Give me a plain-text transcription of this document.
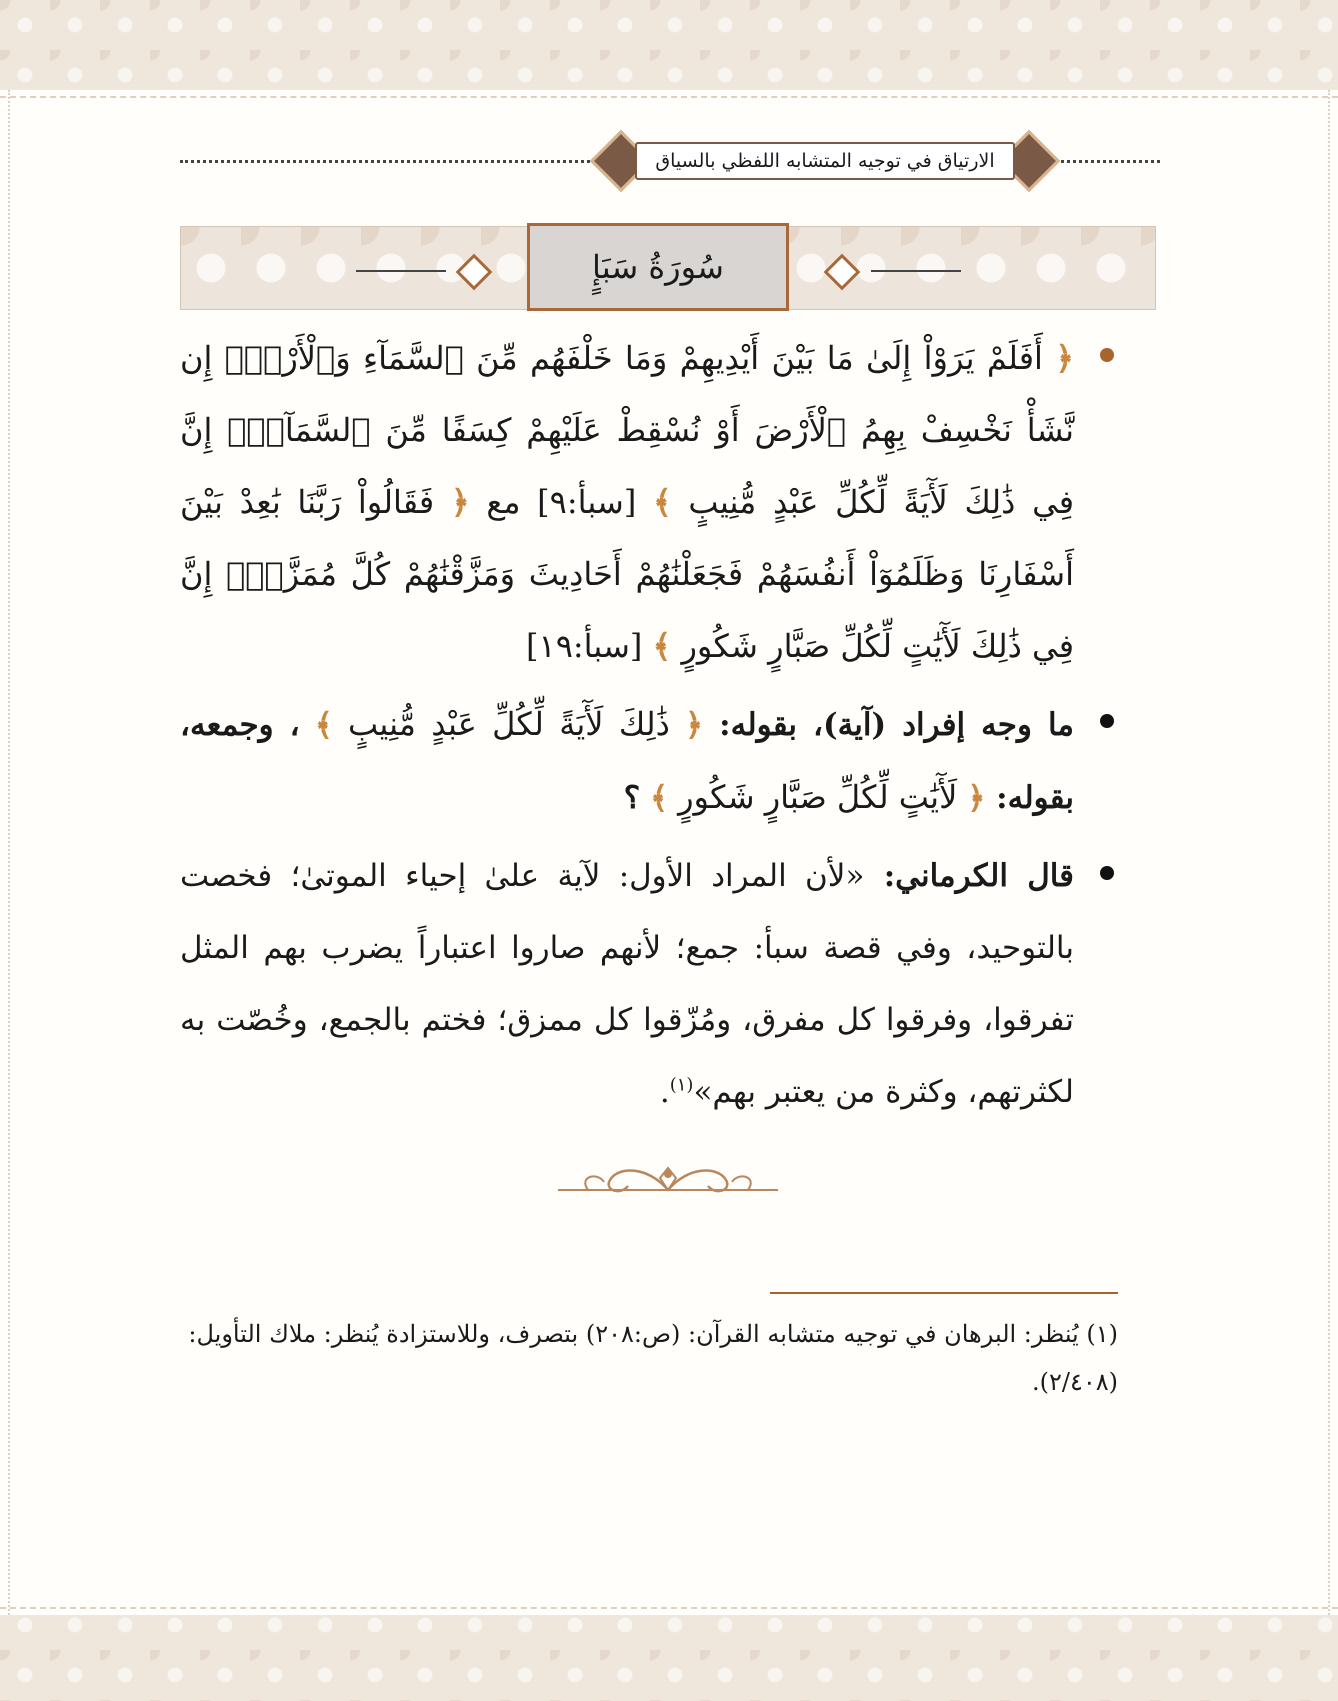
الارتياق في توجيه المتشابه اللفظي بالسياق
سُورَةُ سَبَإٍ

﴿ أَفَلَمْ يَرَوْاْ إِلَىٰ مَا بَيْنَ أَيْدِيهِمْ وَمَا خَلْفَهُم مِّنَ ٱلسَّمَآءِ وَٱلْأَرْضِۚ إِن نَّشَأْ نَخْسِفْ بِهِمُ ٱلْأَرْضَ أَوْ نُسْقِطْ عَلَيْهِمْ كِسَفًا مِّنَ ٱلسَّمَآءِۚ إِنَّ فِي ذَٰلِكَ لَأٓيَةً لِّكُلِّ عَبْدٍ مُّنِيبٍ ﴾ [سبأ:٩] مع ﴿ فَقَالُواْ رَبَّنَا بَٰعِدْ بَيْنَ أَسْفَارِنَا وَظَلَمُوٓاْ أَنفُسَهُمْ فَجَعَلْنَٰهُمْ أَحَادِيثَ وَمَزَّقْنَٰهُمْ كُلَّ مُمَزَّقٍۚ إِنَّ فِي ذَٰلِكَ لَأٓيَٰتٍ لِّكُلِّ صَبَّارٍ شَكُورٍ ﴾ [سبأ:١٩]

ما وجه إفراد (آية)، بقوله: ﴿ ذَٰلِكَ لَأٓيَةً لِّكُلِّ عَبْدٍ مُّنِيبٍ ﴾ ، وجمعه، بقوله: ﴿ لَأٓيَٰتٍ لِّكُلِّ صَبَّارٍ شَكُورٍ ﴾ ؟

قال الكرماني: «لأن المراد الأول: لآية علىٰ إحياء الموتىٰ؛ فخصت بالتوحيد، وفي قصة سبأ: جمع؛ لأنهم صاروا اعتباراً يضرب بهم المثل تفرقوا، وفرقوا كل مفرق، ومُزّقوا كل ممزق؛ فختم بالجمع، وخُصّت به لكثرتهم، وكثرة من يعتبر بهم»$^{(١)}$.

(١) يُنظر: البرهان في توجيه متشابه القرآن: (ص:٢٠٨) بتصرف، وللاستزادة يُنظر: ملاك التأويل: (٢/٤٠٨).
